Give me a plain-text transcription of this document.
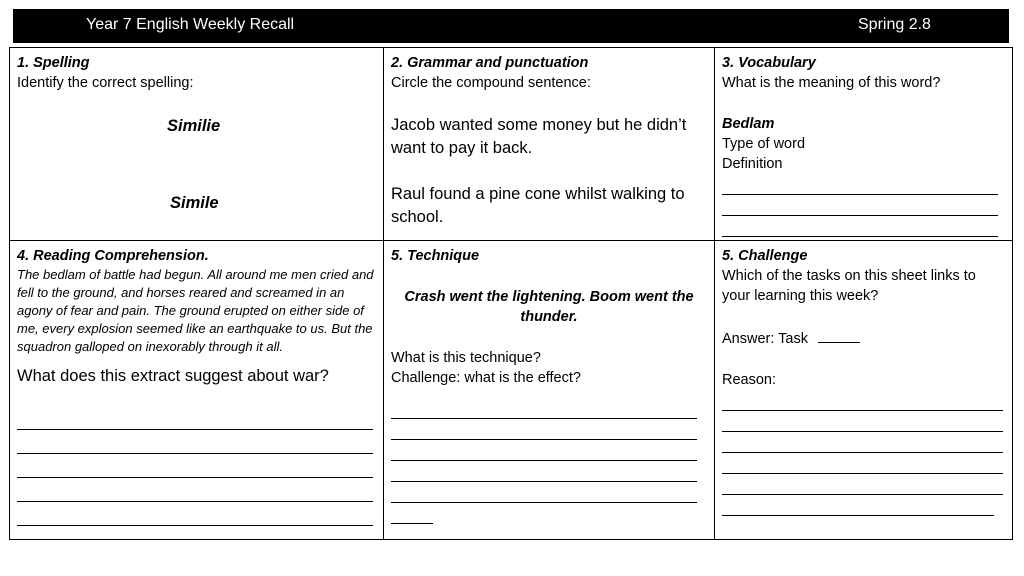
Year 7 English Weekly Recall	Spring 2.8
1. Spelling
Identify the correct spelling:
Similie
Simile
2. Grammar and punctuation
Circle the compound sentence:
Jacob wanted some money but he didn’t want to pay it back.
Raul found a pine cone whilst walking to school.
3. Vocabulary
What is the meaning of this word?
Bedlam
Type of word
Definition
4. Reading Comprehension.
The bedlam of battle had begun. All around me men cried and fell to the ground, and horses reared and screamed in an agony of fear and pain. The ground erupted on either side of me, every explosion seemed like an earthquake to us. But the squadron galloped on inexorably through it all.
What does this extract suggest about war?
5. Technique
Crash went the lightening. Boom went the thunder.
What is this technique?
Challenge: what is the effect?
5. Challenge
Which of the tasks on this sheet links to your learning this week?
Answer: Task
Reason:
